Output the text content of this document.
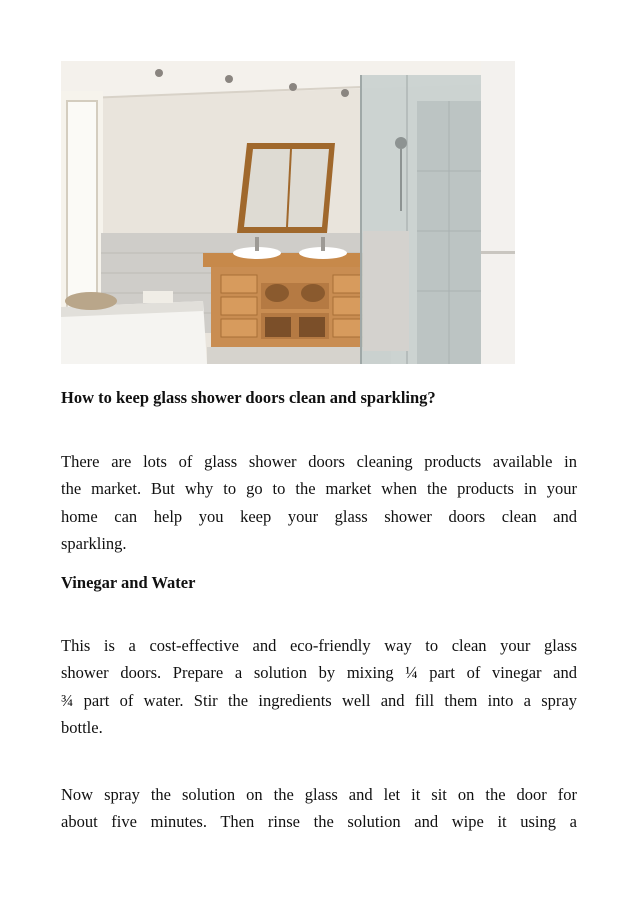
How to keep glass shower doors clean and sparkling?
There are lots of glass shower doors cleaning products available in
the market. But why to go to the market when the products in your
home can help you keep your glass shower doors clean and
sparkling.
Vinegar and Water
This is a cost-effective and eco-friendly way to clean your glass
shower doors. Prepare a solution by mixing ¼ part of vinegar and
¾ part of water. Stir the ingredients well and fill them into a spray
bottle.
Now spray the solution on the glass and let it sit on the door for
about five minutes. Then rinse the solution and wipe it using a
